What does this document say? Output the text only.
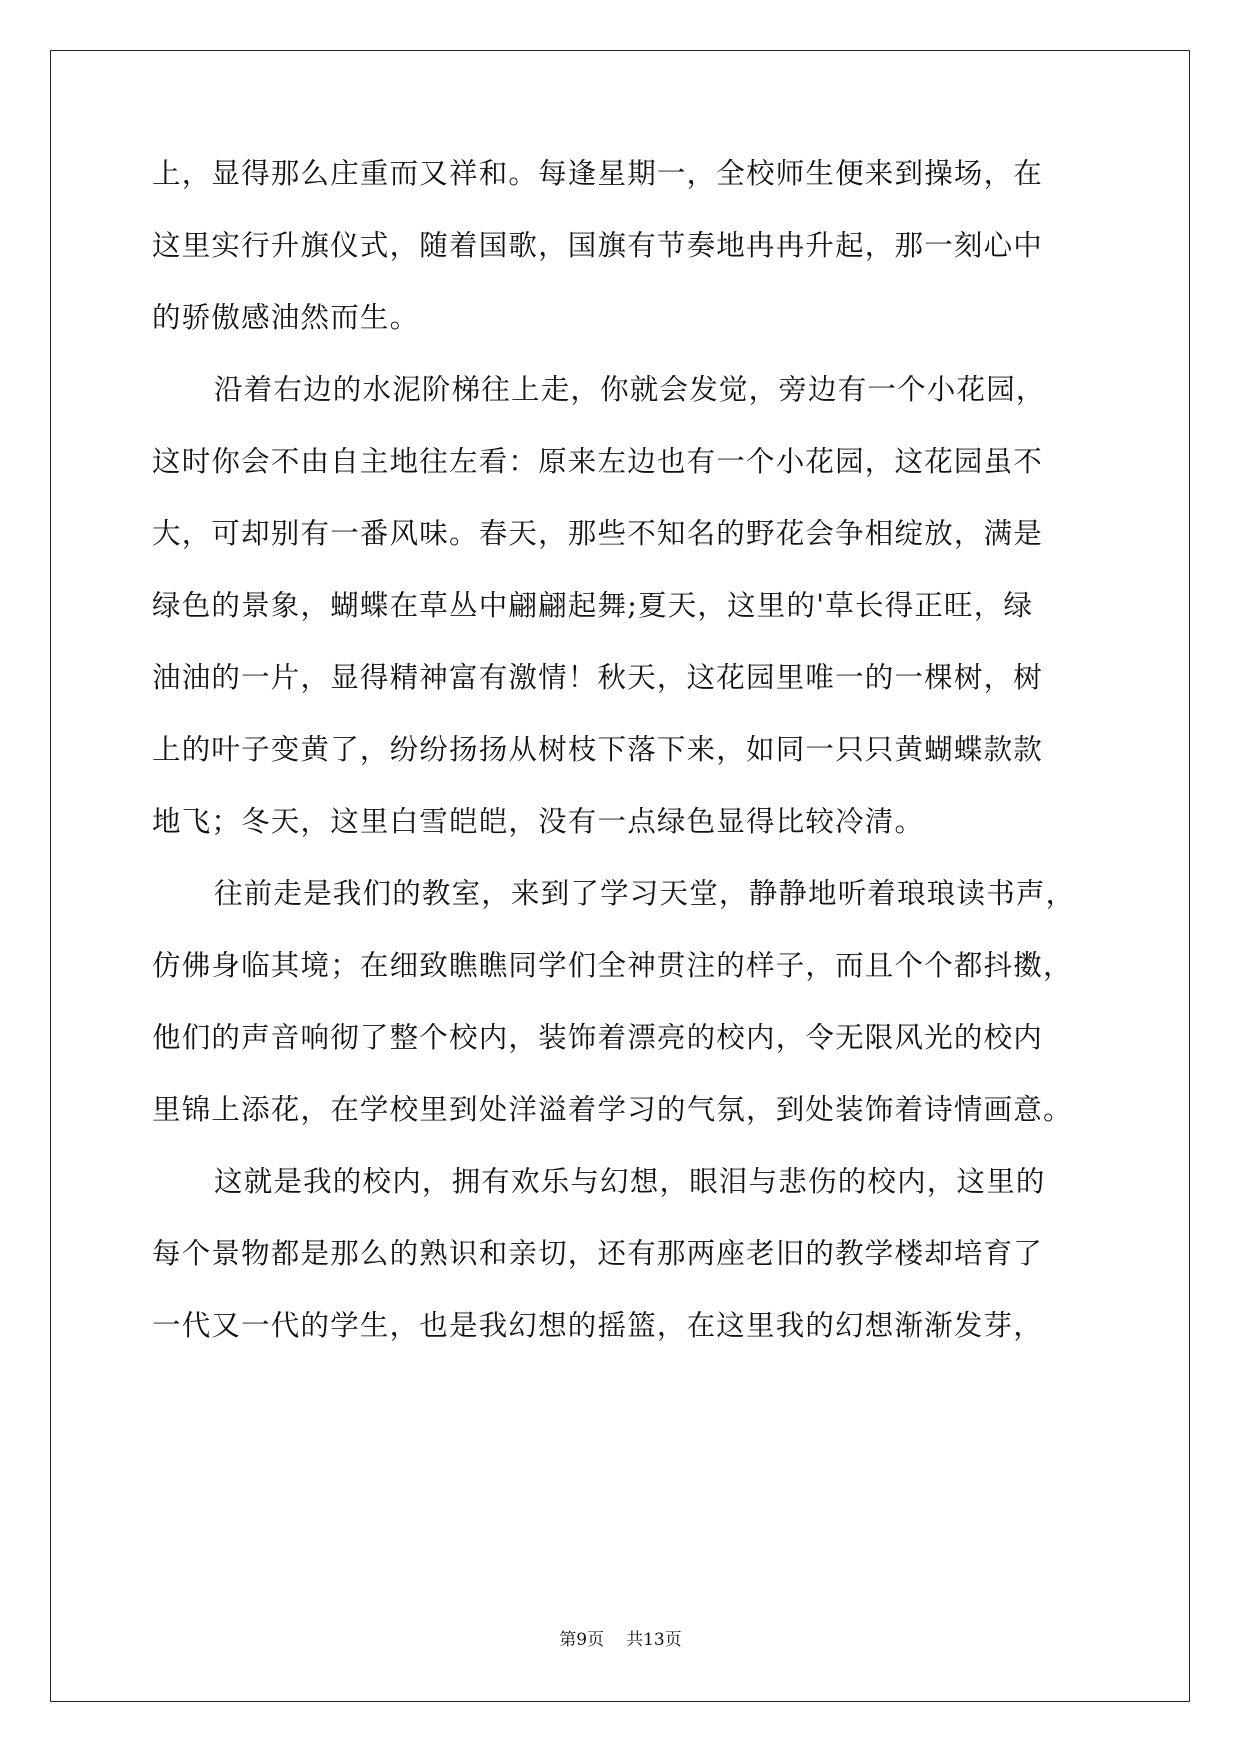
上，显得那么庄重而又祥和。每逢星期一，全校师生便来到操场，在
这里实行升旗仪式，随着国歌，国旗有节奏地冉冉升起，那一刻心中
的骄傲感油然而生。
沿着右边的水泥阶梯往上走，你就会发觉，旁边有一个小花园，
这时你会不由自主地往左看：原来左边也有一个小花园，这花园虽不
大，可却别有一番风味。春天，那些不知名的野花会争相绽放，满是
绿色的景象，蝴蝶在草丛中翩翩起舞;夏天，这里的'草长得正旺，绿
油油的一片，显得精神富有激情！秋天，这花园里唯一的一棵树，树
上的叶子变黄了，纷纷扬扬从树枝下落下来，如同一只只黄蝴蝶款款
地飞；冬天，这里白雪皑皑，没有一点绿色显得比较冷清。
往前走是我们的教室，来到了学习天堂，静静地听着琅琅读书声，
仿佛身临其境；在细致瞧瞧同学们全神贯注的样子，而且个个都抖擞，
他们的声音响彻了整个校内，装饰着漂亮的校内，令无限风光的校内
里锦上添花，在学校里到处洋溢着学习的气氛，到处装饰着诗情画意。
这就是我的校内，拥有欢乐与幻想，眼泪与悲伤的校内，这里的
每个景物都是那么的熟识和亲切，还有那两座老旧的教学楼却培育了
一代又一代的学生，也是我幻想的摇篮，在这里我的幻想渐渐发芽，
第9页 共13页
